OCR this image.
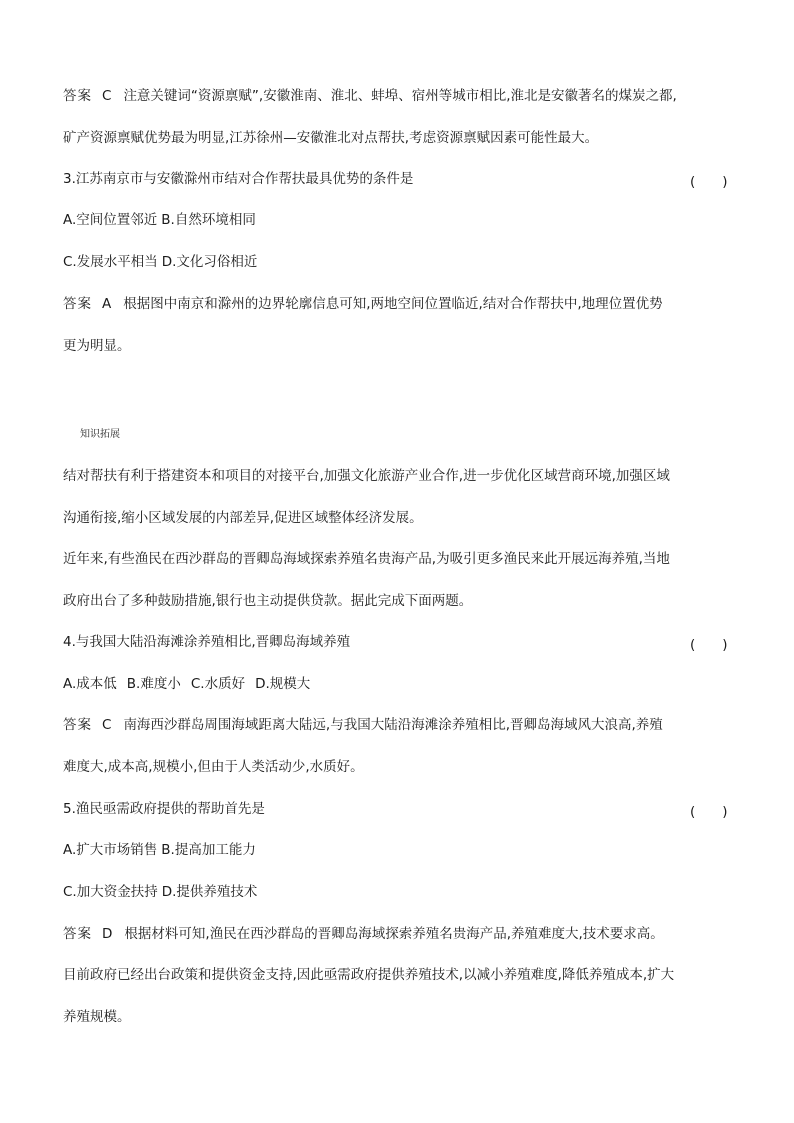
答案 C 注意关键词“资源禀赋”,安徽淮南、淮北、蚌埠、宿州等城市相比,淮北是安徽著名的煤炭之都,
矿产资源禀赋优势最为明显,江苏徐州—安徽淮北对点帮扶,考虑资源禀赋因素可能性最大。
3.江苏南京市与安徽滁州市结对合作帮扶最具优势的条件是	(　　)
A.空间位置邻近 B.自然环境相同
C.发展水平相当 D.文化习俗相近
答案 A 根据图中南京和滁州的边界轮廓信息可知,两地空间位置临近,结对合作帮扶中,地理位置优势
更为明显。
知识拓展
结对帮扶有利于搭建资本和项目的对接平台,加强文化旅游产业合作,进一步优化区域营商环境,加强区域
沟通衔接,缩小区域发展的内部差异,促进区域整体经济发展。
近年来,有些渔民在西沙群岛的晋卿岛海域探索养殖名贵海产品,为吸引更多渔民来此开展远海养殖,当地
政府出台了多种鼓励措施,银行也主动提供贷款。据此完成下面两题。
4.与我国大陆沿海滩涂养殖相比,晋卿岛海域养殖	(　　)
A.成本低 B.难度小 C.水质好 D.规模大
答案 C 南海西沙群岛周围海域距离大陆远,与我国大陆沿海滩涂养殖相比,晋卿岛海域风大浪高,养殖
难度大,成本高,规模小,但由于人类活动少,水质好。
5.渔民亟需政府提供的帮助首先是	(　　)
A.扩大市场销售 B.提高加工能力
C.加大资金扶持 D.提供养殖技术
答案 D 根据材料可知,渔民在西沙群岛的晋卿岛海域探索养殖名贵海产品,养殖难度大,技术要求高。
目前政府已经出台政策和提供资金支持,因此亟需政府提供养殖技术,以减小养殖难度,降低养殖成本,扩大
养殖规模。
